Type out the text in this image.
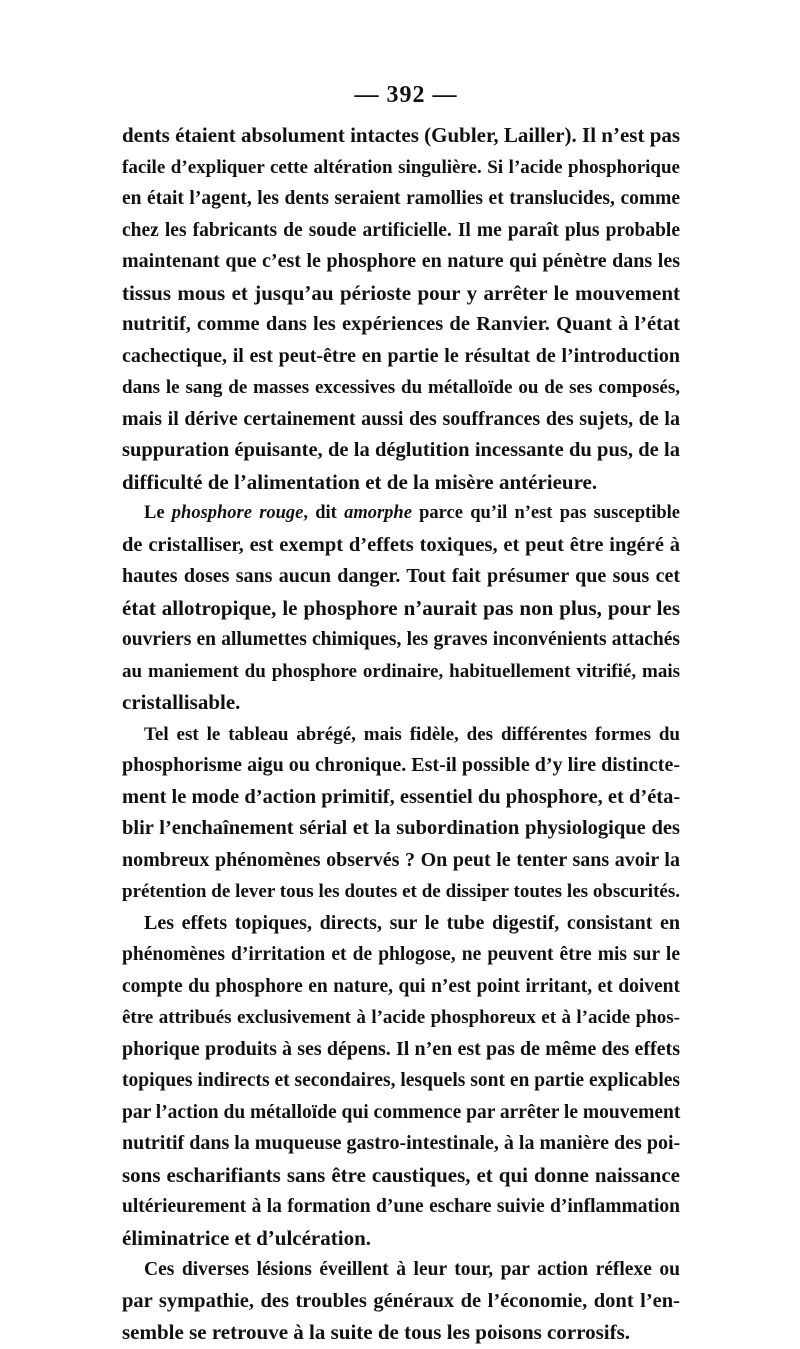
— 392 —
dents étaient absolument intactes (Gubler, Lailler). Il n’est pas
facile d’expliquer cette altération singulière. Si l’acide phosphorique
en était l’agent, les dents seraient ramollies et translucides, comme
chez les fabricants de soude artificielle. Il me paraît plus probable
maintenant que c’est le phosphore en nature qui pénètre dans les
tissus mous et jusqu’au périoste pour y arrêter le mouvement
nutritif, comme dans les expériences de Ranvier. Quant à l’état
cachectique, il est peut-être en partie le résultat de l’introduction
dans le sang de masses excessives du métalloïde ou de ses composés,
mais il dérive certainement aussi des souffrances des sujets, de la
suppuration épuisante, de la déglutition incessante du pus, de la
difficulté de l’alimentation et de la misère antérieure.
Le phosphore rouge, dit amorphe parce qu’il n’est pas susceptible
de cristalliser, est exempt d’effets toxiques, et peut être ingéré à
hautes doses sans aucun danger. Tout fait présumer que sous cet
état allotropique, le phosphore n’aurait pas non plus, pour les
ouvriers en allumettes chimiques, les graves inconvénients attachés
au maniement du phosphore ordinaire, habituellement vitrifié, mais
cristallisable.
Tel est le tableau abrégé, mais fidèle, des différentes formes du
phosphorisme aigu ou chronique. Est-il possible d’y lire distincte-
ment le mode d’action primitif, essentiel du phosphore, et d’éta-
blir l’enchaînement sérial et la subordination physiologique des
nombreux phénomènes observés ? On peut le tenter sans avoir la
prétention de lever tous les doutes et de dissiper toutes les obscurités.
Les effets topiques, directs, sur le tube digestif, consistant en
phénomènes d’irritation et de phlogose, ne peuvent être mis sur le
compte du phosphore en nature, qui n’est point irritant, et doivent
être attribués exclusivement à l’acide phosphoreux et à l’acide phos-
phorique produits à ses dépens. Il n’en est pas de même des effets
topiques indirects et secondaires, lesquels sont en partie explicables
par l’action du métalloïde qui commence par arrêter le mouvement
nutritif dans la muqueuse gastro-intestinale, à la manière des poi-
sons escharifiants sans être caustiques, et qui donne naissance
ultérieurement à la formation d’une eschare suivie d’inflammation
éliminatrice et d’ulcération.
Ces diverses lésions éveillent à leur tour, par action réflexe ou
par sympathie, des troubles généraux de l’économie, dont l’en-
semble se retrouve à la suite de tous les poisons corrosifs.
